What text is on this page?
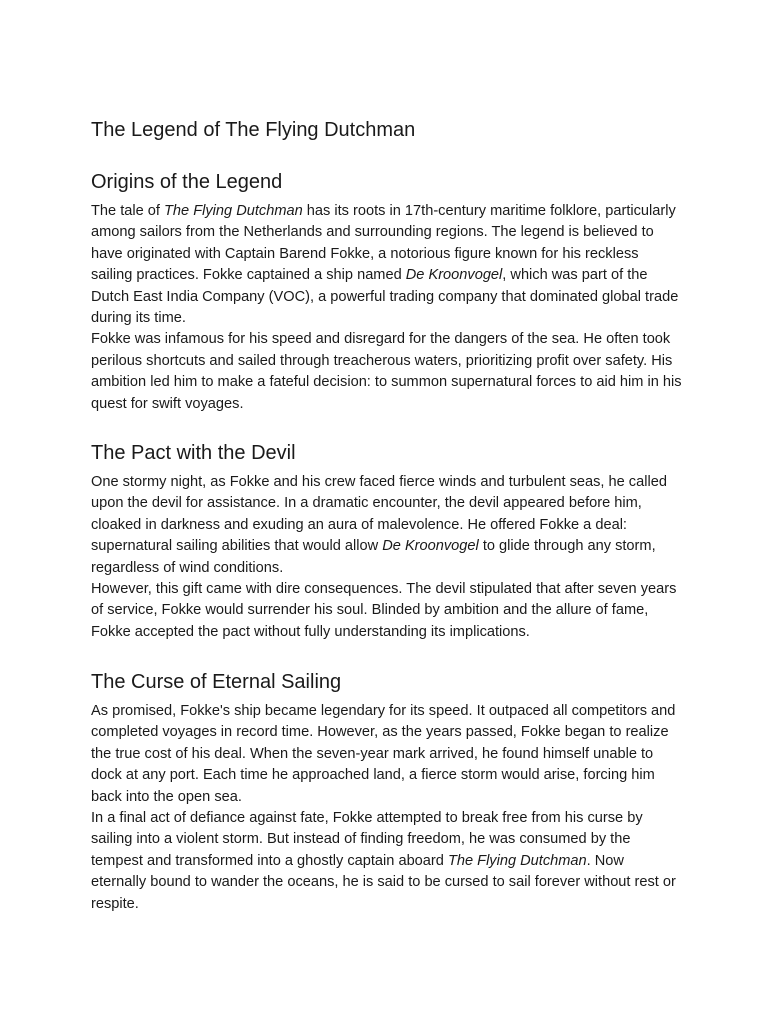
The Legend of The Flying Dutchman
Origins of the Legend

The tale of The Flying Dutchman has its roots in 17th-century maritime folklore, particularly among sailors from the Netherlands and surrounding regions. The legend is believed to have originated with Captain Barend Fokke, a notorious figure known for his reckless sailing practices. Fokke captained a ship named De Kroonvogel, which was part of the Dutch East India Company (VOC), a powerful trading company that dominated global trade during its time.

Fokke was infamous for his speed and disregard for the dangers of the sea. He often took perilous shortcuts and sailed through treacherous waters, prioritizing profit over safety. His ambition led him to make a fateful decision: to summon supernatural forces to aid him in his quest for swift voyages.

The Pact with the Devil

One stormy night, as Fokke and his crew faced fierce winds and turbulent seas, he called upon the devil for assistance. In a dramatic encounter, the devil appeared before him, cloaked in darkness and exuding an aura of malevolence. He offered Fokke a deal: supernatural sailing abilities that would allow De Kroonvogel to glide through any storm, regardless of wind conditions.

However, this gift came with dire consequences. The devil stipulated that after seven years of service, Fokke would surrender his soul. Blinded by ambition and the allure of fame, Fokke accepted the pact without fully understanding its implications.

The Curse of Eternal Sailing

As promised, Fokke's ship became legendary for its speed. It outpaced all competitors and completed voyages in record time. However, as the years passed, Fokke began to realize the true cost of his deal. When the seven-year mark arrived, he found himself unable to dock at any port. Each time he approached land, a fierce storm would arise, forcing him back into the open sea.

In a final act of defiance against fate, Fokke attempted to break free from his curse by sailing into a violent storm. But instead of finding freedom, he was consumed by the tempest and transformed into a ghostly captain aboard The Flying Dutchman. Now eternally bound to wander the oceans, he is said to be cursed to sail forever without rest or respite.
